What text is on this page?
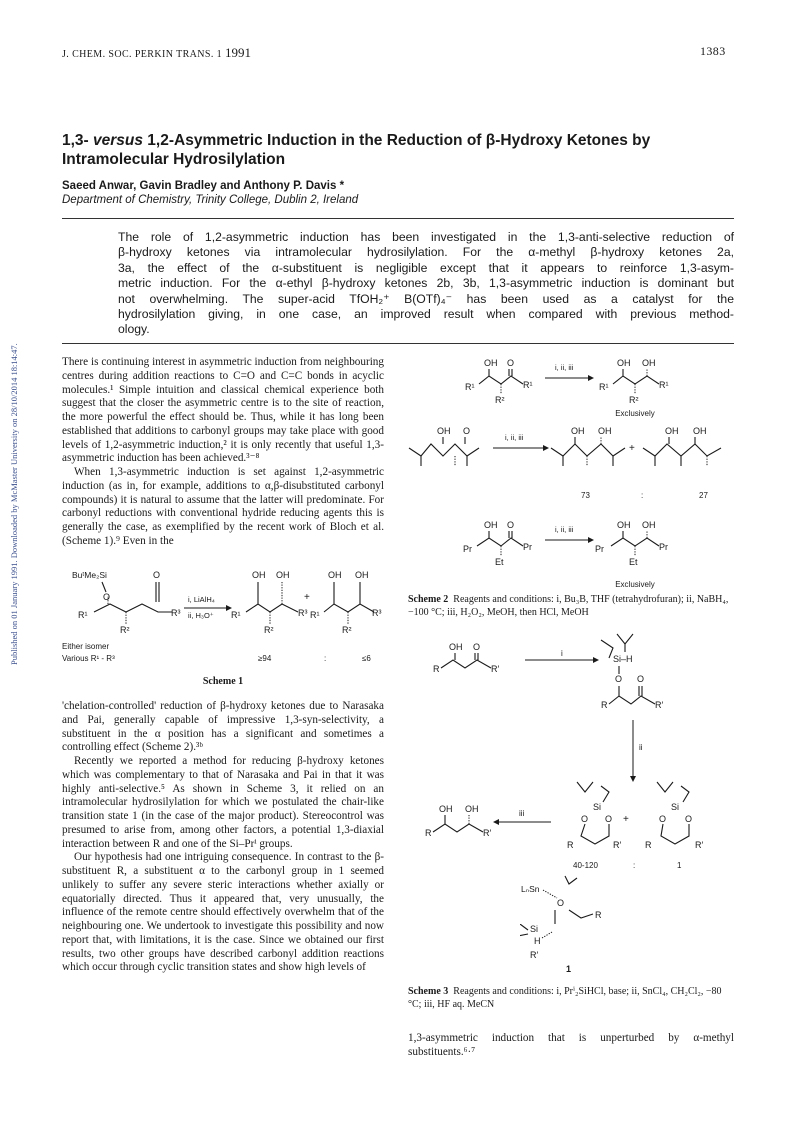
J. CHEM. SOC. PERKIN TRANS. 1 1991	1383
Published on 01 January 1991. Downloaded by McMaster University on 28/10/2014 18:14:47.
1,3- versus 1,2-Asymmetric Induction in the Reduction of β-Hydroxy Ketones by
Intramolecular Hydrosilylation
Saeed Anwar, Gavin Bradley and Anthony P. Davis *
Department of Chemistry, Trinity College, Dublin 2, Ireland
The role of 1,2-asymmetric induction has been investigated in the 1,3-anti-selective reduction of
β-hydroxy ketones via intramolecular hydrosilylation. For the α-methyl β-hydroxy ketones 2a,
3a, the effect of the α-substituent is negligible except that it appears to reinforce 1,3-asym-
metric induction. For the α-ethyl β-hydroxy ketones 2b, 3b, 1,3-asymmetric induction is dominant but
not overwhelming. The super-acid TfOH₂⁺ B(OTf)₄⁻ has been used as a catalyst for the
hydrosilylation giving, in one case, an improved result when compared with previous method-
ology.

There is continuing interest in asymmetric induction from neighbouring centres during addition reactions to C=O and C=C bonds in acyclic molecules.¹ Simple intuition and classical chemical experience both suggest that the closer the asymmetric centre is to the site of reaction, the more powerful the effect should be. Thus, while it has long been established that additions to carbonyl groups may take place with good levels of 1,2-asymmetric induction,² it is only recently that useful 1,3-asymmetric induction has been achieved.³⁻⁸

When 1,3-asymmetric induction is set against 1,2-asymmetric induction (as in, for example, additions to α,β-disubstituted carbonyl compounds) it is natural to assume that the latter will predominate. For carbonyl reductions with conventional hydride reducing agents this is generally the case, as exemplified by the recent work of Bloch et al. (Scheme 1).⁹ Even in the

BuᵗMe₂Si
O
O
R¹
R²
R³
i, LiAlH₄
ii, H₃O⁺
OH OH
R¹
R²
R³
+
OH OH
R¹
R²
R³
Either isomer
Various R¹ - R³	≥94	:	≤6
Scheme 1

'chelation-controlled' reduction of β-hydroxy ketones due to Narasaka and Pai, generally capable of impressive 1,3-syn-selectivity, a substituent in the α position has a significant and sometimes a controlling effect (Scheme 2).³ᵇ

Recently we reported a method for reducing β-hydroxy ketones which was complementary to that of Narasaka and Pai in that it was highly anti-selective.⁵ As shown in Scheme 3, it relied on an intramolecular hydrosilylation for which we postulated the chair-like transition state 1 (in the case of the major product). Stereocontrol was presumed to arise from, among other factors, a potential 1,3-diaxial interaction between R and one of the Si–Prⁱ groups.

Our hypothesis had one intriguing consequence. In contrast to the β-substituent R, a substituent α to the carbonyl group in 1 seemed unlikely to suffer any severe steric interactions whether axially or equatorially directed. Thus it appeared that, very unusually, the influence of the remote centre should effectively overwhelm that of the neighbouring one. We undertook to investigate this possibility and now report that, with limitations, it is the case. Since we obtained our first results, two other groups have described carbonyl addition reactions which occur through cyclic transition states and show high levels of

OH O
R¹
R²
R¹
i, ii, iii	OH OH
R¹
R²
R¹
Exclusively
OH O
i, ii, iii
OH OH
+
OH OH
73	:	27
OH O
Pr
Et
Pr
i, ii, iii	OH OH
Pr
Et
Pr
Exclusively
Scheme 2 Reagents and conditions: i, Bu₃B, THF (tetrahydrofuran); ii, NaBH₄, −100 °C; iii, H₂O₂, MeOH, then HCl, MeOH
OH O
R	R′
i
Si–H
O O
R	R′
ii
Si
O O
R	R′
+
Si
O O
R	R′
iii
OH OH
R	R′
40-120	:	1
LₙSn
O
R
Si
H
R′
1
Scheme 3 Reagents and conditions: i, Prⁱ₂SiHCl, base; ii, SnCl₄, CH₂Cl₂, −80 °C; iii, HF aq. MeCN

1,3-asymmetric induction that is unperturbed by α-methyl substituents.⁶·⁷
